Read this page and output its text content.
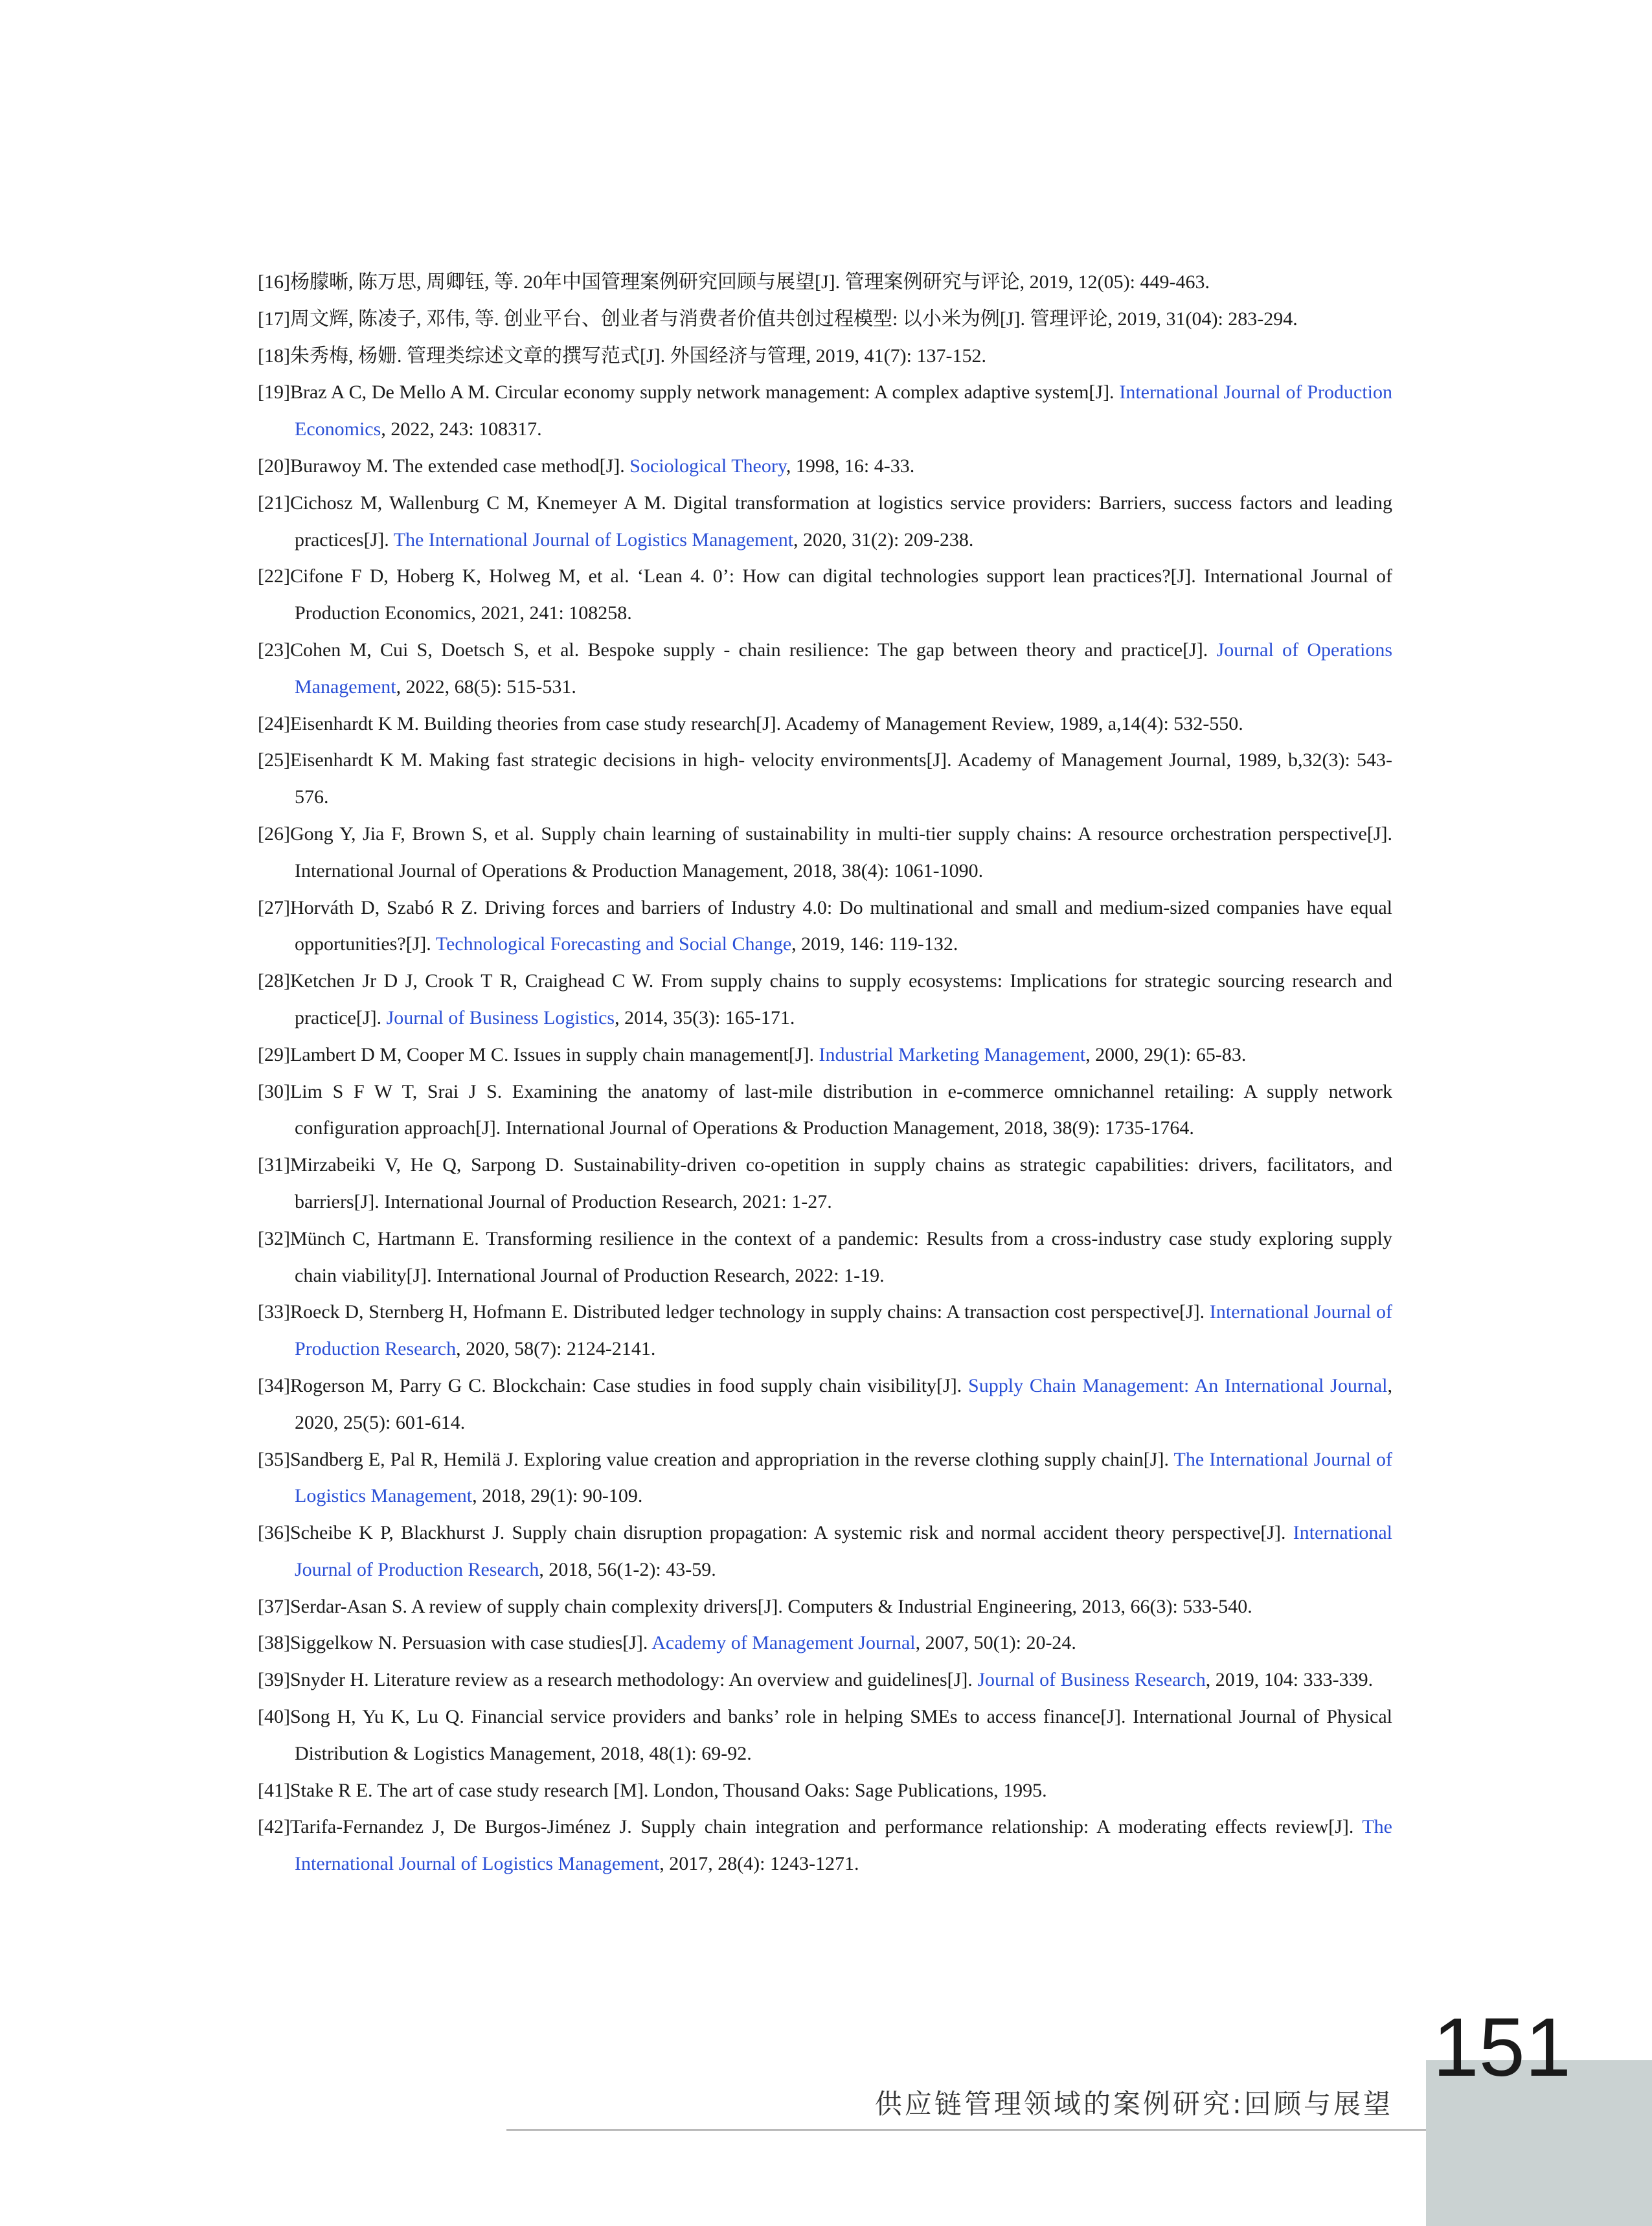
[16]杨朦晰, 陈万思, 周卿钰, 等. 20年中国管理案例研究回顾与展望[J]. 管理案例研究与评论, 2019, 12(05): 449-463.

[17]周文辉, 陈凌子, 邓伟, 等. 创业平台、创业者与消费者价值共创过程模型: 以小米为例[J]. 管理评论, 2019, 31(04): 283-294.

[18]朱秀梅, 杨姗. 管理类综述文章的撰写范式[J]. 外国经济与管理, 2019, 41(7): 137-152.

[19]Braz A C, De Mello A M. Circular economy supply network management: A complex adaptive system[J]. International Journal of Production Economics, 2022, 243: 108317.

[20]Burawoy M. The extended case method[J]. Sociological Theory, 1998, 16: 4-33.

[21]Cichosz M, Wallenburg C M, Knemeyer A M. Digital transformation at logistics service providers: Barriers, success factors and leading practices[J]. The International Journal of Logistics Management, 2020, 31(2): 209-238.

[22]Cifone F D, Hoberg K, Holweg M, et al. ‘Lean 4. 0’: How can digital technologies support lean practices?[J]. International Journal of Production Economics, 2021, 241: 108258.

[23]Cohen M, Cui S, Doetsch S, et al. Bespoke supply - chain resilience: The gap between theory and practice[J]. Journal of Operations Management, 2022, 68(5): 515-531.

[24]Eisenhardt K M. Building theories from case study research[J]. Academy of Management Review, 1989, a,14(4): 532-550.

[25]Eisenhardt K M. Making fast strategic decisions in high- velocity environments[J]. Academy of Management Journal, 1989, b,32(3): 543-576.

[26]Gong Y, Jia F, Brown S, et al. Supply chain learning of sustainability in multi-tier supply chains: A resource orchestration perspective[J]. International Journal of Operations & Production Management, 2018, 38(4): 1061-1090.

[27]Horváth D, Szabó R Z. Driving forces and barriers of Industry 4.0: Do multinational and small and medium-sized companies have equal opportunities?[J]. Technological Forecasting and Social Change, 2019, 146: 119-132.

[28]Ketchen Jr D J, Crook T R, Craighead C W. From supply chains to supply ecosystems: Implications for strategic sourcing research and practice[J]. Journal of Business Logistics, 2014, 35(3): 165-171.

[29]Lambert D M, Cooper M C. Issues in supply chain management[J]. Industrial Marketing Management, 2000, 29(1): 65-83.

[30]Lim S F W T, Srai J S. Examining the anatomy of last-mile distribution in e-commerce omnichannel retailing: A supply network configuration approach[J]. International Journal of Operations & Production Management, 2018, 38(9): 1735-1764.

[31]Mirzabeiki V, He Q, Sarpong D. Sustainability-driven co-opetition in supply chains as strategic capabilities: drivers, facilitators, and barriers[J]. International Journal of Production Research, 2021: 1-27.

[32]Münch C, Hartmann E. Transforming resilience in the context of a pandemic: Results from a cross-industry case study exploring supply chain viability[J]. International Journal of Production Research, 2022: 1-19.

[33]Roeck D, Sternberg H, Hofmann E. Distributed ledger technology in supply chains: A transaction cost perspective[J]. International Journal of Production Research, 2020, 58(7): 2124-2141.

[34]Rogerson M, Parry G C. Blockchain: Case studies in food supply chain visibility[J]. Supply Chain Management: An International Journal, 2020, 25(5): 601-614.

[35]Sandberg E, Pal R, Hemilä J. Exploring value creation and appropriation in the reverse clothing supply chain[J]. The International Journal of Logistics Management, 2018, 29(1): 90-109.

[36]Scheibe K P, Blackhurst J. Supply chain disruption propagation: A systemic risk and normal accident theory perspective[J]. International Journal of Production Research, 2018, 56(1-2): 43-59.

[37]Serdar-Asan S. A review of supply chain complexity drivers[J]. Computers & Industrial Engineering, 2013, 66(3): 533-540.

[38]Siggelkow N. Persuasion with case studies[J]. Academy of Management Journal, 2007, 50(1): 20-24.

[39]Snyder H. Literature review as a research methodology: An overview and guidelines[J]. Journal of Business Research, 2019, 104: 333-339.

[40]Song H, Yu K, Lu Q. Financial service providers and banks’ role in helping SMEs to access finance[J]. International Journal of Physical Distribution & Logistics Management, 2018, 48(1): 69-92.

[41]Stake R E. The art of case study research [M]. London, Thousand Oaks: Sage Publications, 1995.

[42]Tarifa-Fernandez J, De Burgos-Jiménez J. Supply chain integration and performance relationship: A moderating effects review[J]. The International Journal of Logistics Management, 2017, 28(4): 1243-1271.

151
供应链管理领域的案例研究:回顾与展望
